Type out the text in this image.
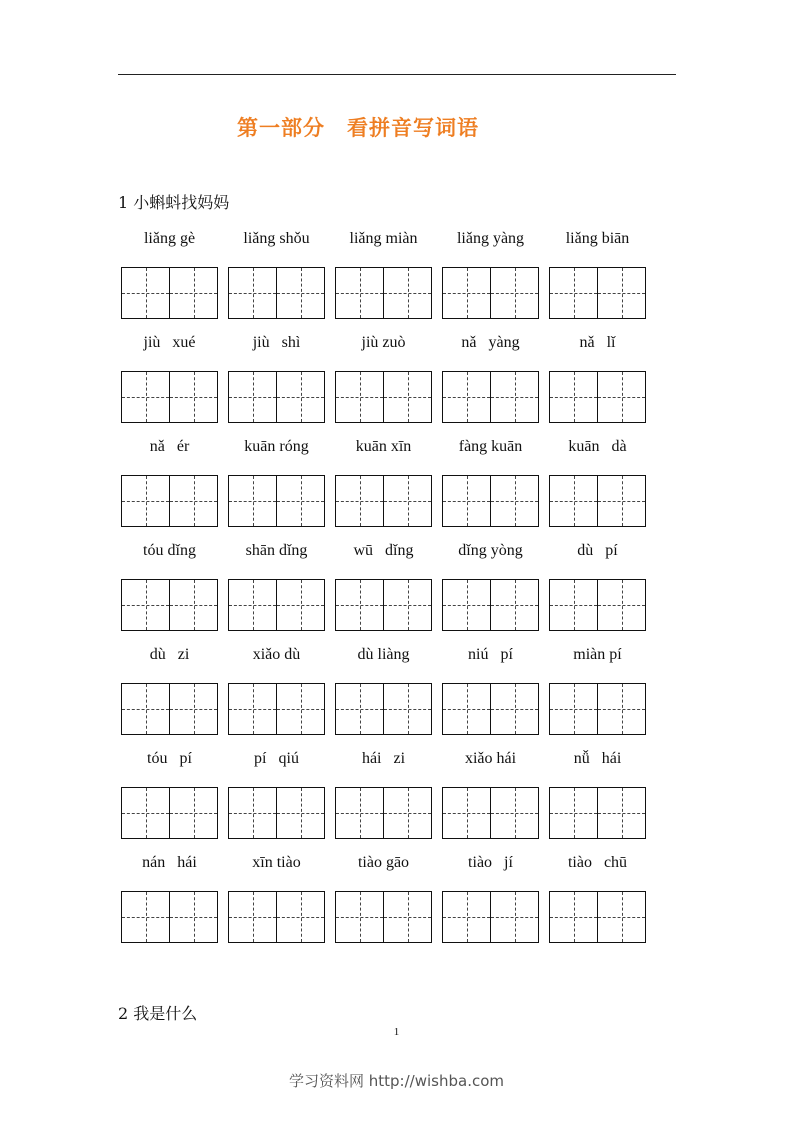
第一部分　看拼音写词语
1 小蝌蚪找妈妈
liǎng gè	liǎng shǒu	liǎng miàn	liǎng yàng	liǎng biān
jiù   xué	jiù   shì	jiù zuò	nǎ   yàng	nǎ   lǐ
nǎ   ér	kuān róng	kuān xīn	fàng kuān	kuān   dà
tóu dǐng	shān dǐng	wū   dǐng	dǐng yòng	dù   pí
dù   zi	xiǎo dù	dù liàng	niú   pí	miàn pí
tóu   pí	pí   qiú	hái   zi	xiǎo hái	nǚ   hái
nán   hái	xīn tiào	tiào gāo	tiào   jí	tiào   chū
2 我是什么
1
学习资料网 http://wishba.com
